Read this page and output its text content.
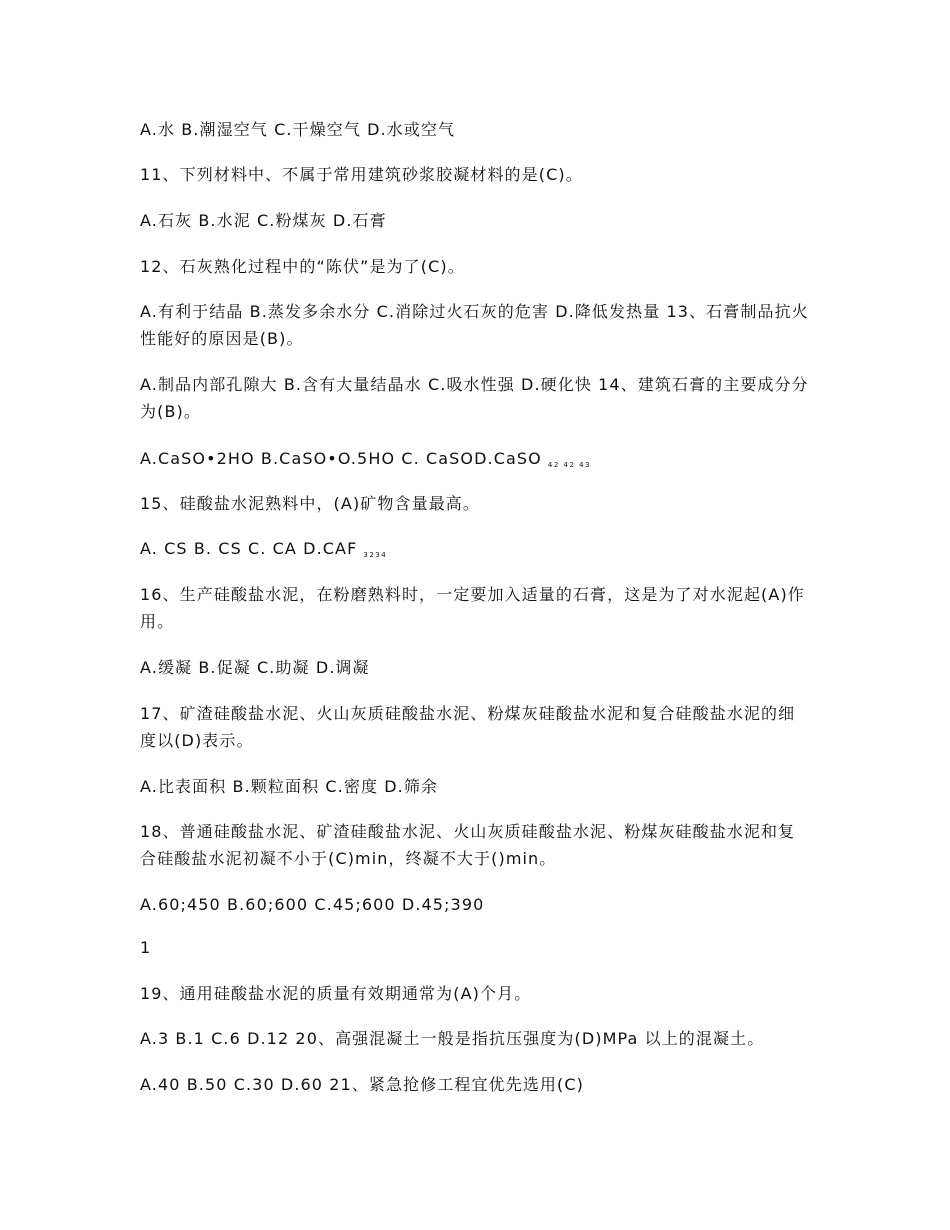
A.水 B.潮湿空气 C.干燥空气 D.水或空气
11、下列材料中、不属于常用建筑砂浆胶凝材料的是(C)。
A.石灰 B.水泥 C.粉煤灰 D.石膏
12、石灰熟化过程中的“陈伏”是为了(C)。
A.有利于结晶 B.蒸发多余水分 C.消除过火石灰的危害 D.降低发热量 13、石膏制品抗火性能好的原因是(B)。
A.制品内部孔隙大 B.含有大量结晶水 C.吸水性强 D.硬化快 14、建筑石膏的主要成分分为(B)。
A.CaSO•2HO B.CaSO•O.5HO C. CaSOD.CaSO $_{42 42 43}$
15、硅酸盐水泥熟料中，(A)矿物含量最高。
A. CS B. CS C. CA D.CAF $_{3234}$
16、生产硅酸盐水泥，在粉磨熟料时，一定要加入适量的石膏，这是为了对水泥起(A)作用。
A.缓凝 B.促凝 C.助凝 D.调凝
17、矿渣硅酸盐水泥、火山灰质硅酸盐水泥、粉煤灰硅酸盐水泥和复合硅酸盐水泥的细度以(D)表示。
A.比表面积 B.颗粒面积 C.密度 D.筛余
18、普通硅酸盐水泥、矿渣硅酸盐水泥、火山灰质硅酸盐水泥、粉煤灰硅酸盐水泥和复合硅酸盐水泥初凝不小于(C)min，终凝不大于()min。
A.60;450 B.60;600 C.45;600 D.45;390
1
19、通用硅酸盐水泥的质量有效期通常为(A)个月。
A.3 B.1 C.6 D.12 20、高强混凝土一般是指抗压强度为(D)MPa 以上的混凝土。
A.40 B.50 C.30 D.60 21、紧急抢修工程宜优先选用(C)
